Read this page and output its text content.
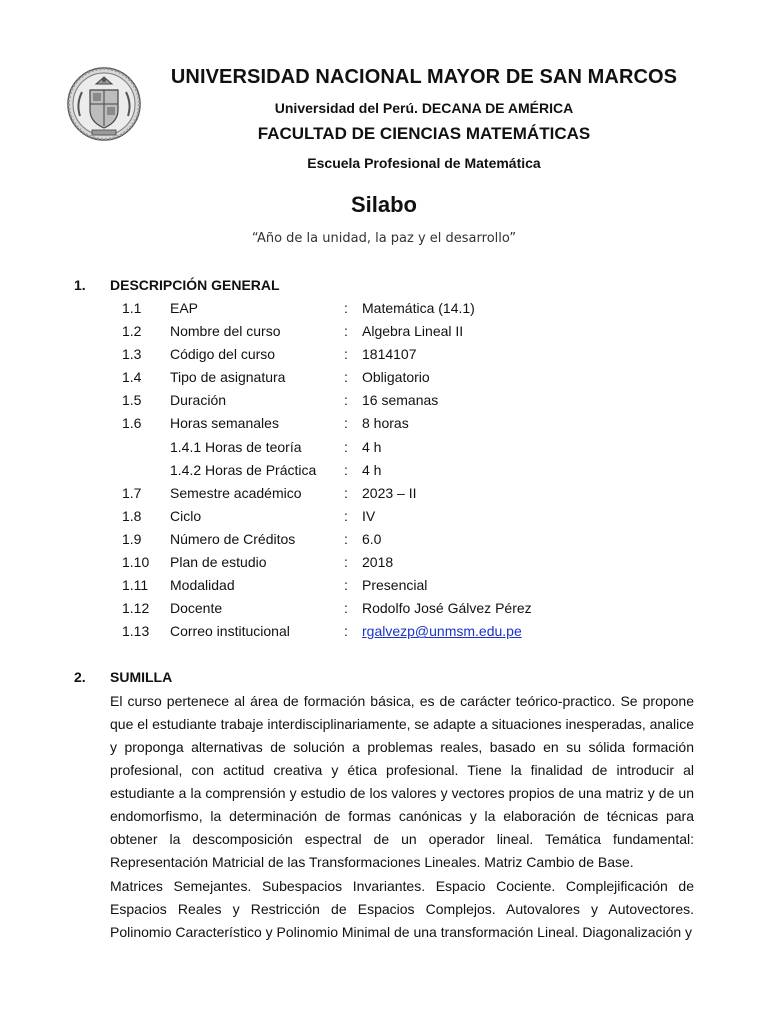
UNIVERSIDAD NACIONAL MAYOR DE SAN MARCOS
Universidad del Perú. DECANA DE AMÉRICA
FACULTAD DE CIENCIAS MATEMÁTICAS
Escuela Profesional de Matemática
Silabo
“Año de la unidad, la paz y el desarrollo”
1. DESCRIPCIÓN GENERAL
1.1 EAP	: Matemática (14.1)
1.2 Nombre del curso	: Algebra Lineal II
1.3 Código del curso	: 1814107
1.4 Tipo de asignatura	: Obligatorio
1.5 Duración	: 16 semanas
1.6 Horas semanales	: 8 horas
1.4.1 Horas de teoría	: 4 h
1.4.2 Horas de Práctica : 4 h
1.7 Semestre académico	: 2023 – II
1.8 Ciclo	: IV
1.9 Número de Créditos	: 6.0
1.10 Plan de estudio	: 2018
1.11 Modalidad	: Presencial
1.12 Docente	: Rodolfo José Gálvez Pérez
1.13 Correo institucional	: rgalvezp@unmsm.edu.pe
2. SUMILLA
El curso pertenece al área de formación básica, es de carácter teórico-practico. Se propone que el estudiante trabaje interdisciplinariamente, se adapte a situaciones inesperadas, analice y proponga alternativas de solución a problemas reales, basado en su sólida formación profesional, con actitud creativa y ética profesional. Tiene la finalidad de introducir al estudiante a la comprensión y estudio de los valores y vectores propios de una matriz y de un endomorfismo, la determinación de formas canónicas y la elaboración de técnicas para obtener la descomposición espectral de un operador lineal. Temática fundamental: Representación Matricial de las Transformaciones Lineales. Matriz Cambio de Base.
Matrices Semejantes. Subespacios Invariantes. Espacio Cociente. Complejificación de Espacios Reales y Restricción de Espacios Complejos. Autovalores y Autovectores. Polinomio Característico y Polinomio Minimal de una transformación Lineal. Diagonalización y
